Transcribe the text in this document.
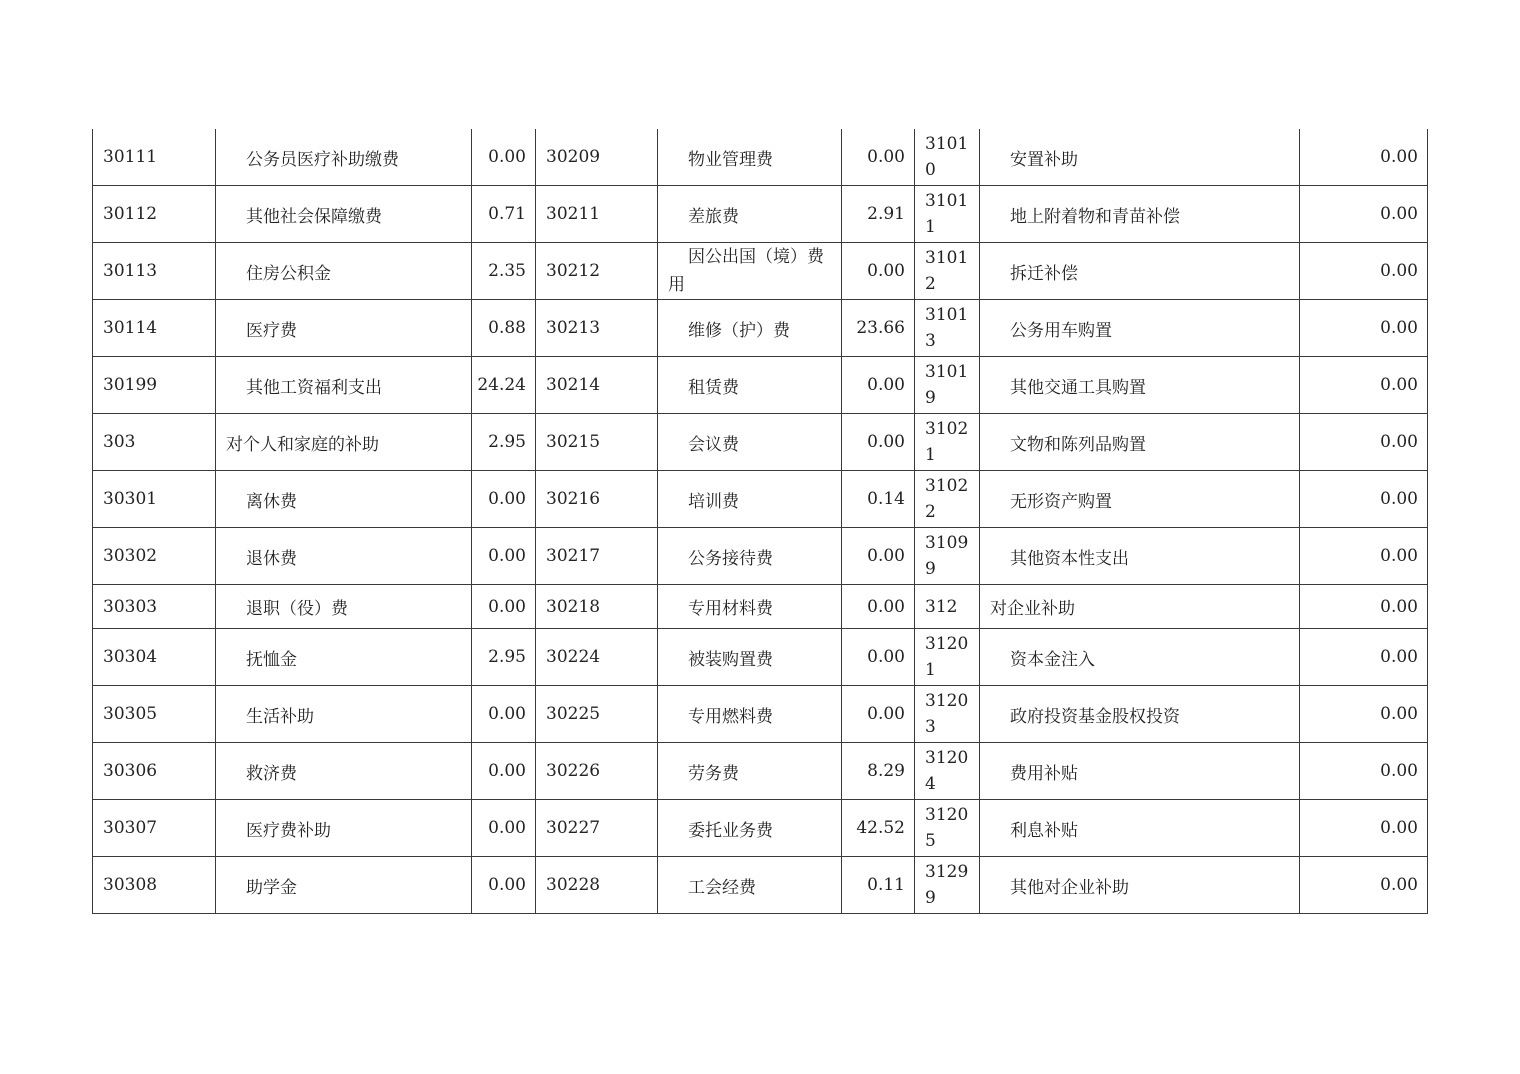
30111	公务员医疗补助缴费	0.00	30209	物业管理费	0.00	31010	安置补助	0.00
30112	其他社会保障缴费	0.71	30211	差旅费	2.91	31011	地上附着物和青苗补偿	0.00
30113	住房公积金	2.35	30212	因公出国（境）费用	0.00	31012	拆迁补偿	0.00
30114	医疗费	0.88	30213	维修（护）费	23.66	31013	公务用车购置	0.00
30199	其他工资福利支出	24.24	30214	租赁费	0.00	31019	其他交通工具购置	0.00
303	对个人和家庭的补助	2.95	30215	会议费	0.00	31021	文物和陈列品购置	0.00
30301	离休费	0.00	30216	培训费	0.14	31022	无形资产购置	0.00
30302	退休费	0.00	30217	公务接待费	0.00	31099	其他资本性支出	0.00
30303	退职（役）费	0.00	30218	专用材料费	0.00	312	对企业补助	0.00
30304	抚恤金	2.95	30224	被装购置费	0.00	31201	资本金注入	0.00
30305	生活补助	0.00	30225	专用燃料费	0.00	31203	政府投资基金股权投资	0.00
30306	救济费	0.00	30226	劳务费	8.29	31204	费用补贴	0.00
30307	医疗费补助	0.00	30227	委托业务费	42.52	31205	利息补贴	0.00
30308	助学金	0.00	30228	工会经费	0.11	31299	其他对企业补助	0.00
